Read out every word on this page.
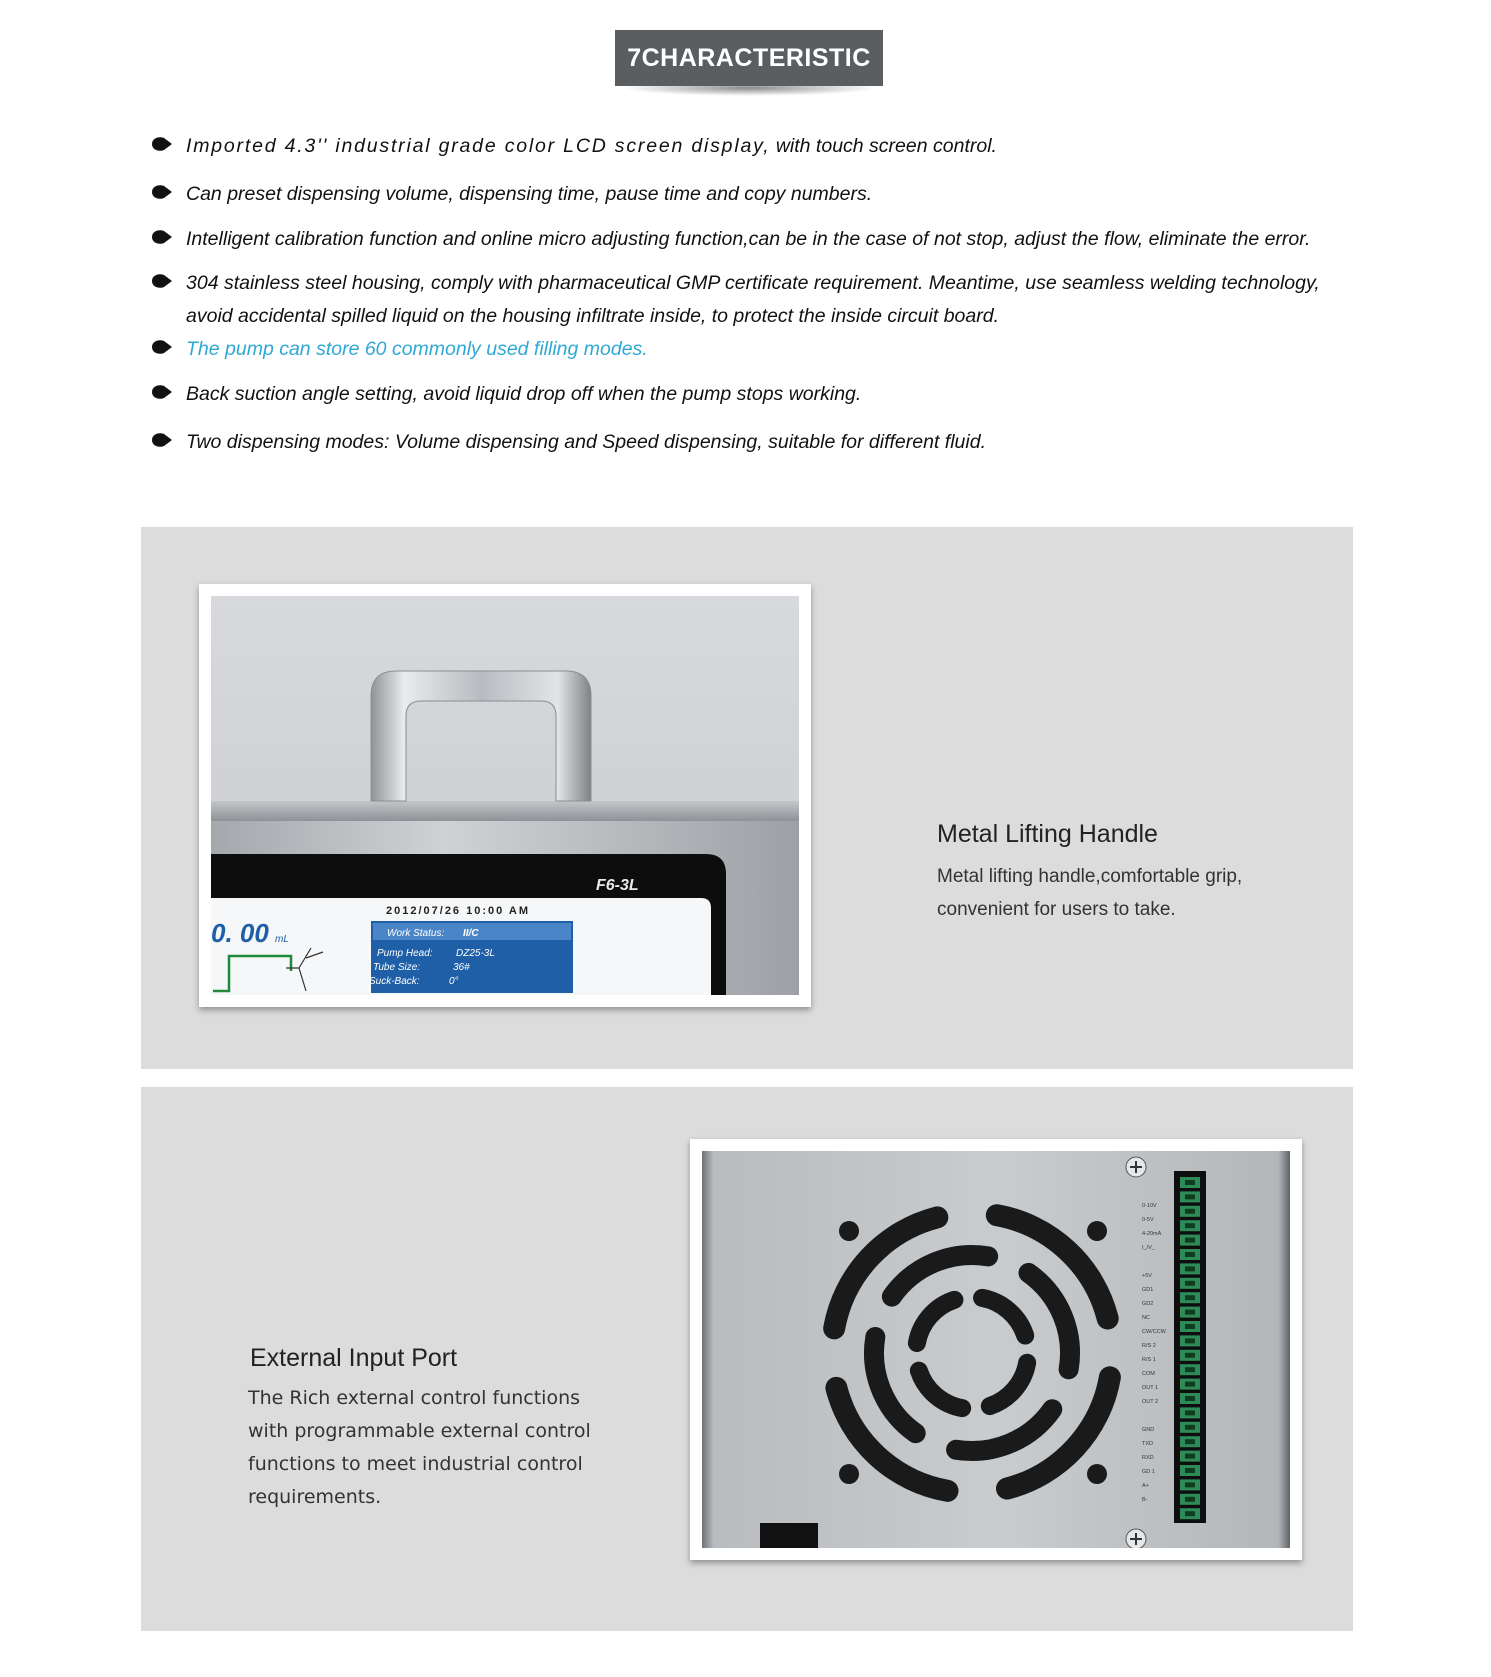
7CHARACTERISTIC
Imported 4.3'' industrial grade color LCD screen display, with touch screen control.
Can preset dispensing volume, dispensing time, pause time and copy numbers.
Intelligent calibration function and online micro adjusting function,can be in the case of not stop, adjust the flow, eliminate the error.
304 stainless steel housing, comply with pharmaceutical GMP certificate requirement. Meantime, use seamless welding technology,
avoid accidental spilled liquid on the housing infiltrate inside, to protect the inside circuit board.
The pump can store 60 commonly used filling modes.
Back suction angle setting, avoid liquid drop off when the pump stops working.
Two dispensing modes: Volume dispensing and Speed dispensing, suitable for different fluid.
F6-3L
2012/07/26 10:00 AM
0. 00 mL
Work Status: II/C
Pump Head: DZ25-3L
Tube Size:	36#
Suck-Back:	0°
Metal Lifting Handle
Metal lifting handle,comfortable grip,
convenient for users to take.
External Input Port
The Rich external control functions
with programmable external control
functions to meet industrial control
requirements.
0-10V
0-5V
4-20mA
I_/V_
+5V
GD1
GD2
NC
CW/CCW
R/S 2
R/S 1
COM
OUT 1
OUT 2
GND
TXD
RXD
GD 1
A+
B-
